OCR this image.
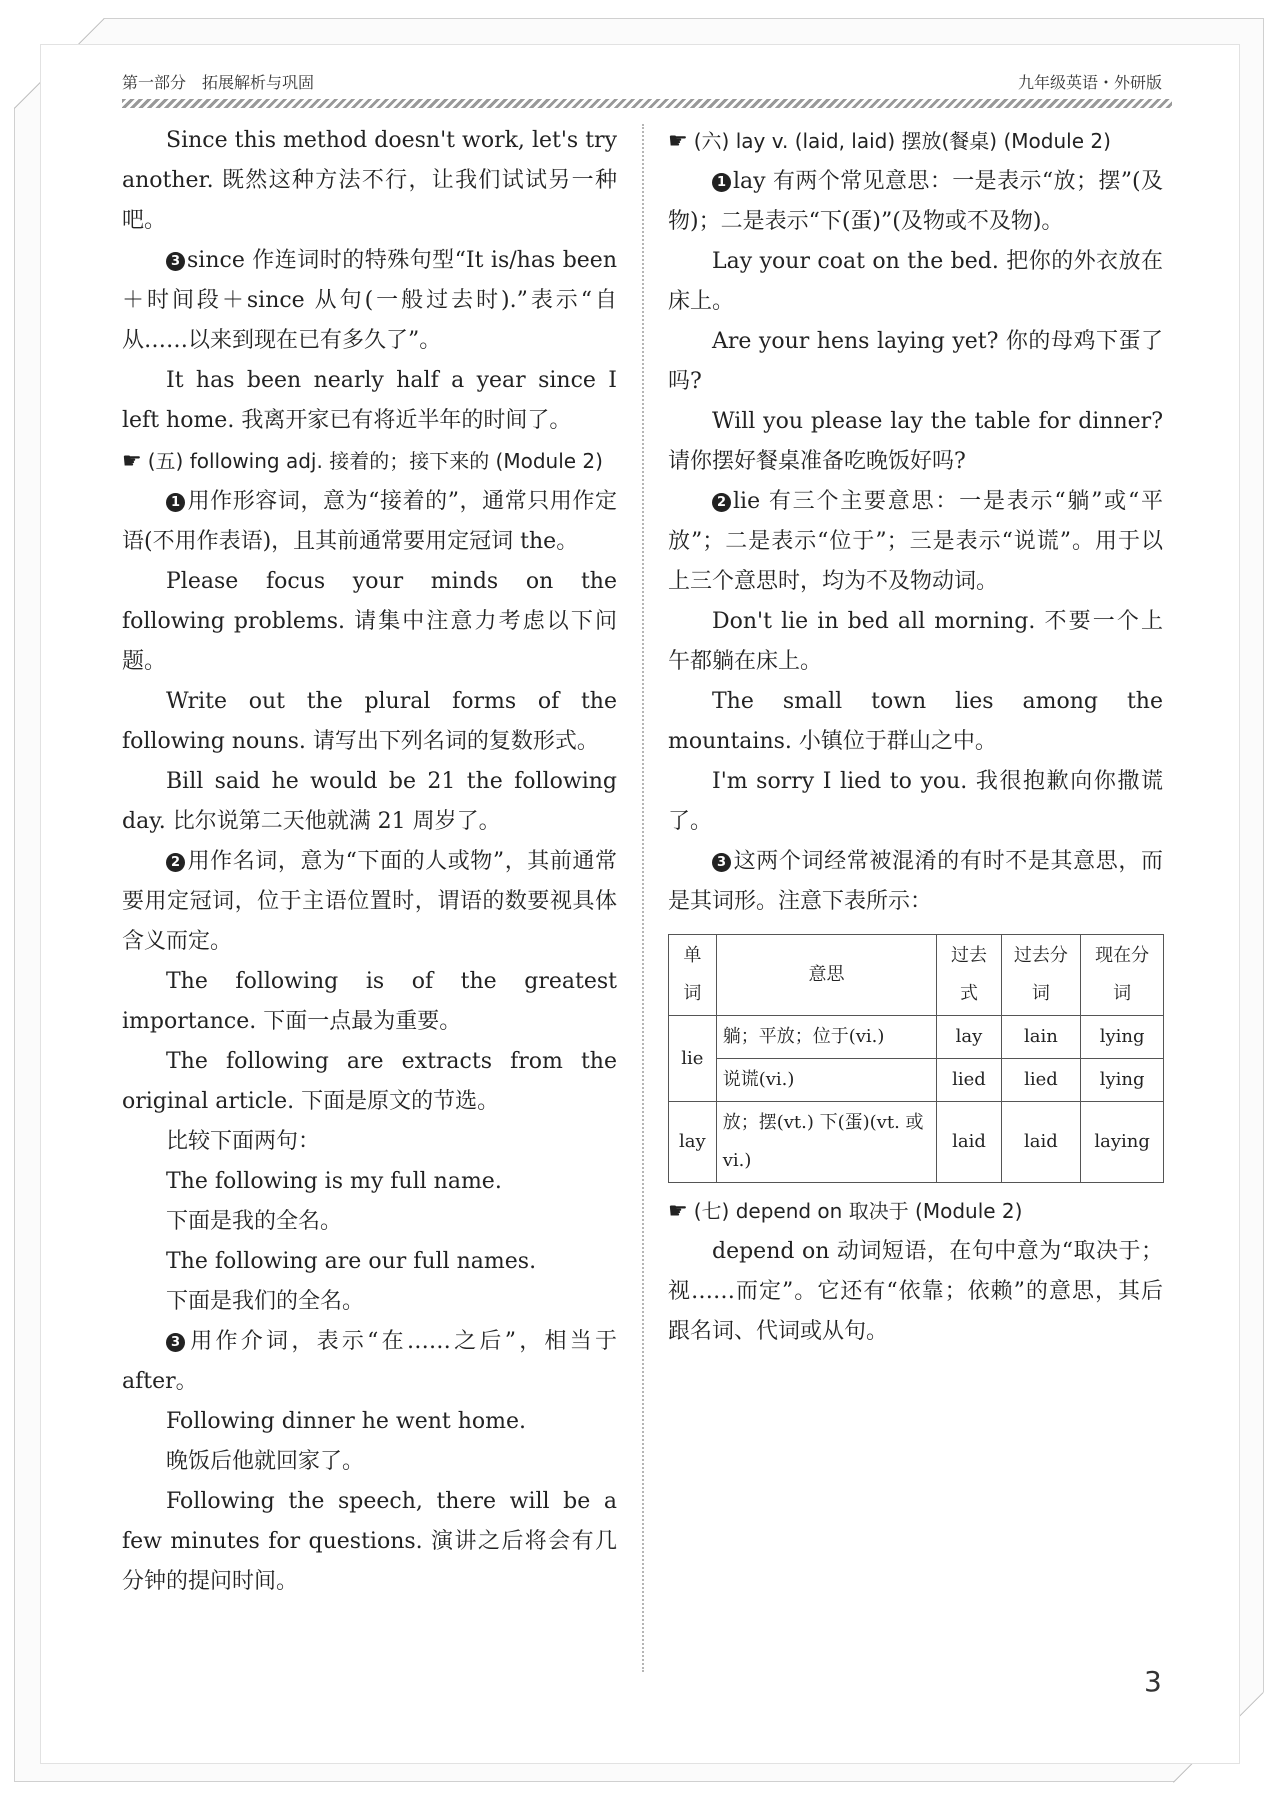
第一部分　拓展解析与巩固	九年级英语・外研版

Since this method doesn't work, let's try another. 既然这种方法不行，让我们试试另一种吧。

3 since 作连词时的特殊句型“It is/has been＋时间段＋since 从句(一般过去时).”表示“自从……以来到现在已有多久了”。

It has been nearly half a year since I left home. 我离开家已有将近半年的时间了。

☛ (五) following adj. 接着的；接下来的 (Module 2)

1 用作形容词，意为“接着的”，通常只用作定语(不用作表语)，且其前通常要用定冠词 the。

Please focus your minds on the following problems. 请集中注意力考虑以下问题。

Write out the plural forms of the following nouns. 请写出下列名词的复数形式。

Bill said he would be 21 the following day. 比尔说第二天他就满 21 周岁了。

2 用作名词，意为“下面的人或物”，其前通常要用定冠词，位于主语位置时，谓语的数要视具体含义而定。

The following is of the greatest importance. 下面一点最为重要。

The following are extracts from the original article. 下面是原文的节选。

比较下面两句：

The following is my full name.

下面是我的全名。

The following are our full names.

下面是我们的全名。

3 用作介词，表示“在……之后”，相当于 after。

Following dinner he went home.

晚饭后他就回家了。

Following the speech, there will be a few minutes for questions. 演讲之后将会有几分钟的提问时间。

☛ (六) lay v. (laid, laid) 摆放(餐桌) (Module 2)

1 lay 有两个常见意思：一是表示“放；摆”(及物)；二是表示“下(蛋)”(及物或不及物)。

Lay your coat on the bed. 把你的外衣放在床上。

Are your hens laying yet? 你的母鸡下蛋了吗?

Will you please lay the table for dinner? 请你摆好餐桌准备吃晚饭好吗?

2 lie 有三个主要意思：一是表示“躺”或“平放”；二是表示“位于”；三是表示“说谎”。用于以上三个意思时，均为不及物动词。

Don't lie in bed all morning. 不要一个上午都躺在床上。

The small town lies among the mountains. 小镇位于群山之中。

I'm sorry I lied to you. 我很抱歉向你撒谎了。

3 这两个词经常被混淆的有时不是其意思，而是其词形。注意下表所示：

单词	意思	过去式	过去分词	现在分词
lie	躺；平放；位于(vi.)	lay	lain	lying
	说谎(vi.)	lied	lied	lying
lay	放；摆(vt.) 下(蛋)(vt. 或 vi.)	laid	laid	laying

☛ (七) depend on 取决于 (Module 2)

depend on 动词短语，在句中意为“取决于；视……而定”。它还有“依靠；依赖”的意思，其后跟名词、代词或从句。

3
